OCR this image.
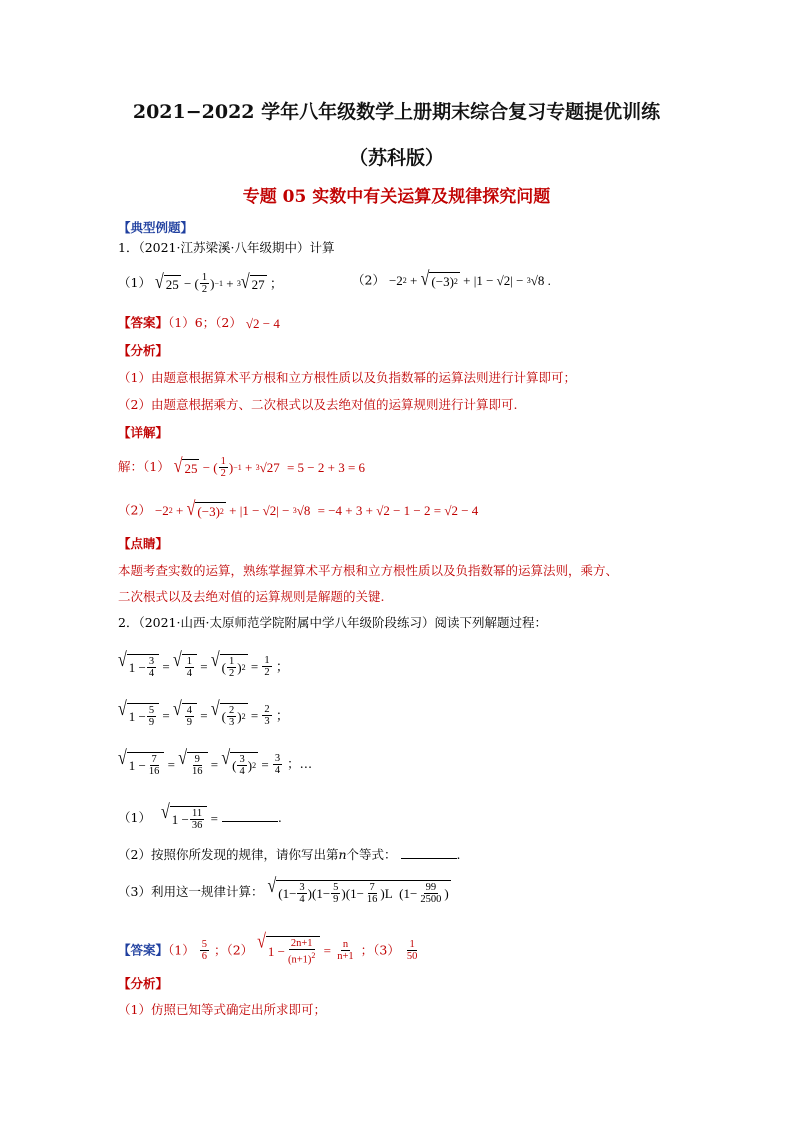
2021−2022 学年八年级数学上册期末综合复习专题提优训练
（苏科版）
专题 05 实数中有关运算及规律探究问题
【典型例题】
1．（2021·江苏梁溪·八年级期中）计算
（1） √ 25 − ( $\frac{1}{2}$ ) −1 + 3 √ 27 ；	（2） −2 2 + √ (−3) 2 + |1 − √2| − 3 √8 .
【答案】（1）6；（2） √2 − 4
【分析】
（1）由题意根据算术平方根和立方根性质以及负指数幂的运算法则进行计算即可；
（2）由题意根据乘方、二次根式以及去绝对值的运算规则进行计算即可.
【详解】
解：（1） √ 25 − ( $\frac{1}{2}$ ) −1 + 3 √27  = 5 − 2 + 3 = 6
（2） −2 2 + √ (−3) 2 + |1 − √2| − 3 √8  = −4 + 3 + √2 − 1 − 2 = √2 − 4
【点睛】
本题考查实数的运算，熟练掌握算术平方根和立方根性质以及负指数幂的运算法则，乘方、
二次根式以及去绝对值的运算规则是解题的关键.
2．（2021·山西·太原师范学院附属中学八年级阶段练习）阅读下列解题过程：
√ $1 - \frac{3}{4}$ = √ $\frac{1}{4}$ = √ ( $\frac{1}{2}$ ) $2 = \frac{1}{2}$ ；
√ $1 - \frac{5}{9}$ = √ $\frac{4}{9}$ = √ ( $\frac{2}{3}$ ) $2 = \frac{2}{3}$ ；
√ $1 - \frac{7}{16}$ = √ $\frac{9}{16}$ = √ ( $\frac{3}{4}$ ) $2 = \frac{3}{4}$ ；…
（1） √ $1 - \frac{11}{36}$ =	.
（2）按照你所发现的规律，请你写出第n个等式：	.
（3）利用这一规律计算： √ $(1- \frac{3}{4} )(1- \frac{5}{9} )(1- \frac{7}{16} )L$  ($1- \frac{99}{2500}$ )
【答案】$(1) \frac{5}{6}$ ；（2） √ $1 - \frac{2n+1}{(n+1)^2} = \frac{n}{n+1}$ ；$(3) \frac{1}{50}$
【分析】
（1）仿照已知等式确定出所求即可；
